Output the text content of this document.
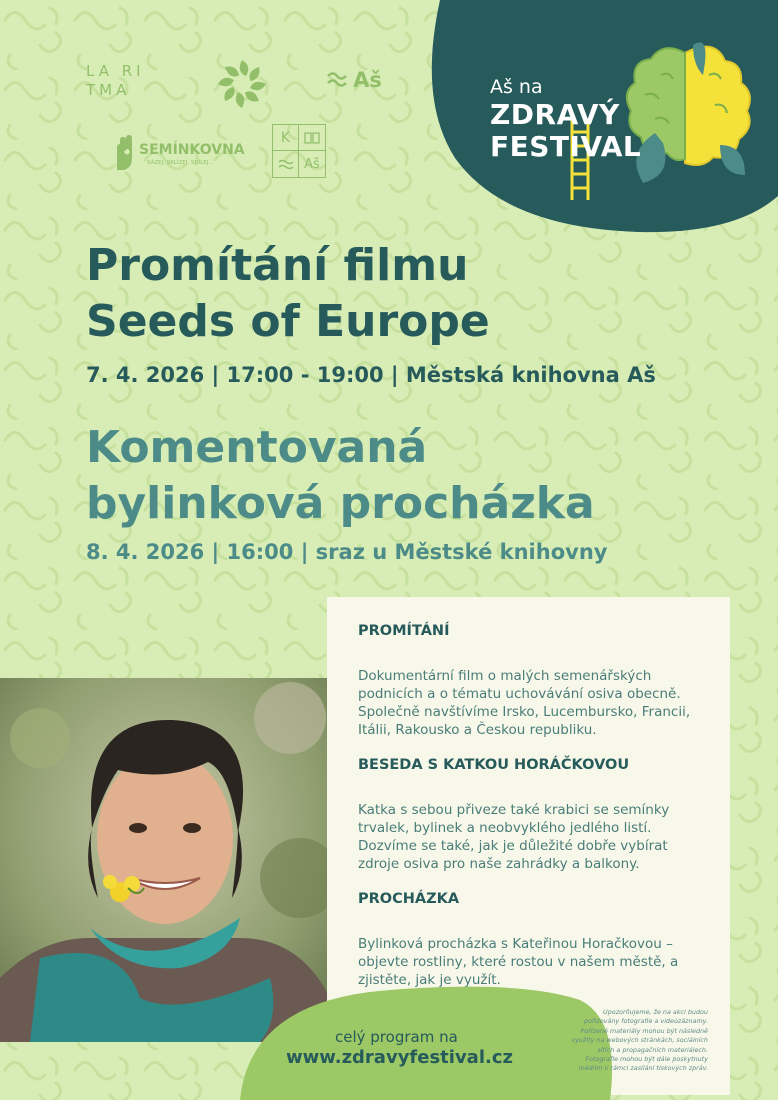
LA RI
TMA	Aš
SEMÍNKOVNA
SÁZEJ, SKLÍZEJ, SDÍLEJ...
K
Aš
Aš na
ZDRAVÝ
FESTIVAL
Promítání filmu
Seeds of Europe
7. 4. 2026 | 17:00 - 19:00 | Městská knihovna Aš
Komentovaná
bylinková procházka
8. 4. 2026 | 16:00 | sraz u Městské knihovny

PROMÍTÁNÍ

Dokumentární film o malých semenářských podnicích a o tématu uchovávání osiva obecně. Společně navštívíme Irsko, Lucembursko, Francii, Itálii, Rakousko a Českou republiku.

BESEDA S KATKOU HORÁČKOVOU

Katka s sebou přiveze také krabici se semínky trvalek, bylinek a neobvyklého jedlého listí. Dozvíme se také, jak je důležité dobře vybírat zdroje osiva pro naše zahrádky a balkony.

PROCHÁZKA

Bylinková procházka s Kateřinou Horačkovou – objevte rostliny, které rostou v našem městě, a zjistěte, jak je využít.

celý program na
www.zdravyfestival.cz
Upozorňujeme, že na akci budou pořizovány fotografie a videozáznamy. Pořízené materiály mohou být následně využity na webových stránkách, sociálních sítích a propagačních materiálech. Fotografie mohou být dále poskytnuty médiím v rámci zasílání tiskových zpráv.
